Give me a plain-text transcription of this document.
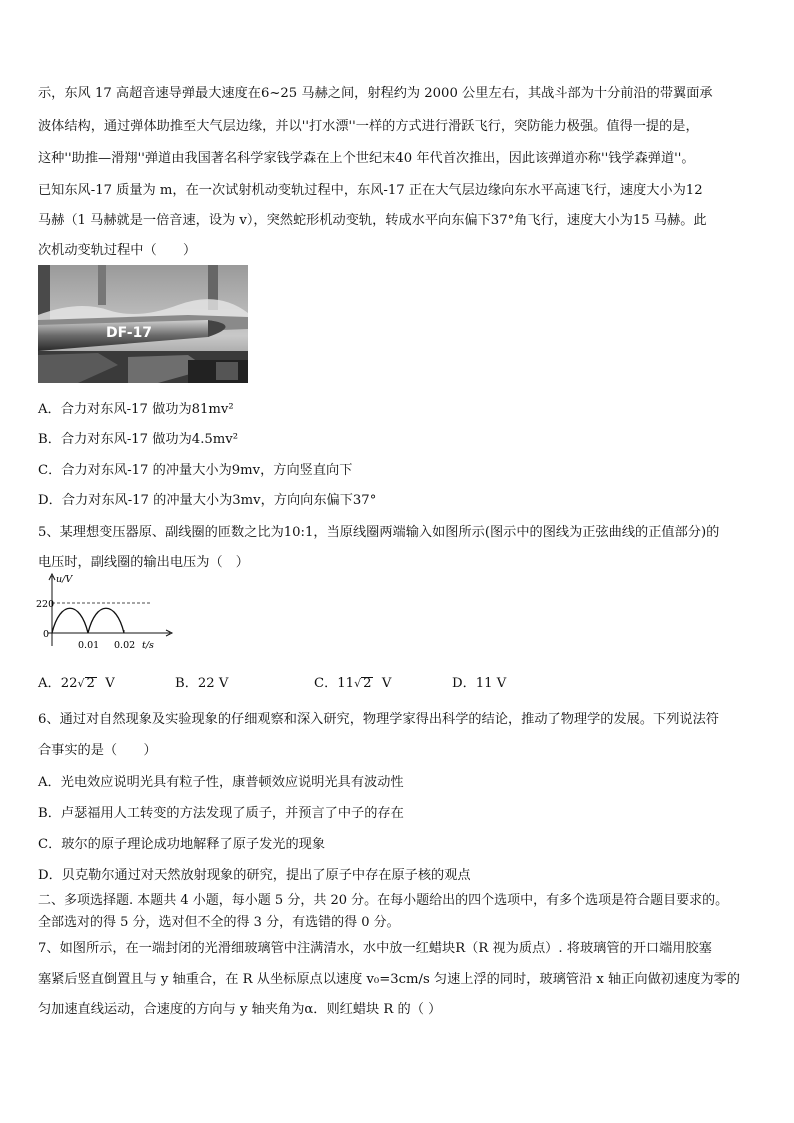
示，东风 17 高超音速导弹最大速度在6~25 马赫之间，射程约为 2000 公里左右，其战斗部为十分前沿的带翼面承
波体结构，通过弹体助推至大气层边缘，并以''打水漂''一样的方式进行滑跃飞行，突防能力极强。值得一提的是，
这种''助推—滑翔''弹道由我国著名科学家钱学森在上个世纪末40 年代首次推出，因此该弹道亦称''钱学森弹道''。
已知东风-17 质量为 m，在一次试射机动变轨过程中，东风-17 正在大气层边缘向东水平高速飞行，速度大小为12
马赫（1 马赫就是一倍音速，设为 v），突然蛇形机动变轨，转成水平向东偏下37°角飞行，速度大小为15 马赫。此
次机动变轨过程中（　　）
DF-17
A．合力对东风-17 做功为81mv²
B．合力对东风-17 做功为4.5mv²
C．合力对东风-17 的冲量大小为9mv，方向竖直向下
D．合力对东风-17 的冲量大小为3mv，方向向东偏下37°
5、某理想变压器原、副线圈的匝数之比为10:1，当原线圈两端输入如图所示(图示中的图线为正弦曲线的正值部分)的
电压时，副线圈的输出电压为（　）
u/V
220
0
0.01 0.02 t/s
A．22√ 2 V	B．22 V	C．11√ 2 V	D．11 V
6、通过对自然现象及实验现象的仔细观察和深入研究，物理学家得出科学的结论，推动了物理学的发展。下列说法符
合事实的是（　　）
A．光电效应说明光具有粒子性，康普顿效应说明光具有波动性
B．卢瑟福用人工转变的方法发现了质子，并预言了中子的存在
C．玻尔的原子理论成功地解释了原子发光的现象
D．贝克勒尔通过对天然放射现象的研究，提出了原子中存在原子核的观点
二、多项选择题. 本题共 4 小题，每小题 5 分，共 20 分。在每小题给出的四个选项中，有多个选项是符合题目要求的。
全部选对的得 5 分，选对但不全的得 3 分，有选错的得 0 分。
7、如图所示，在一端封闭的光滑细玻璃管中注满清水，水中放一红蜡块R（R 视为质点）. 将玻璃管的开口端用胶塞
塞紧后竖直倒置且与 y 轴重合，在 R 从坐标原点以速度 v₀=3cm/s 匀速上浮的同时，玻璃管沿 x 轴正向做初速度为零的
匀加速直线运动，合速度的方向与 y 轴夹角为α．则红蜡块 R 的（ ）
